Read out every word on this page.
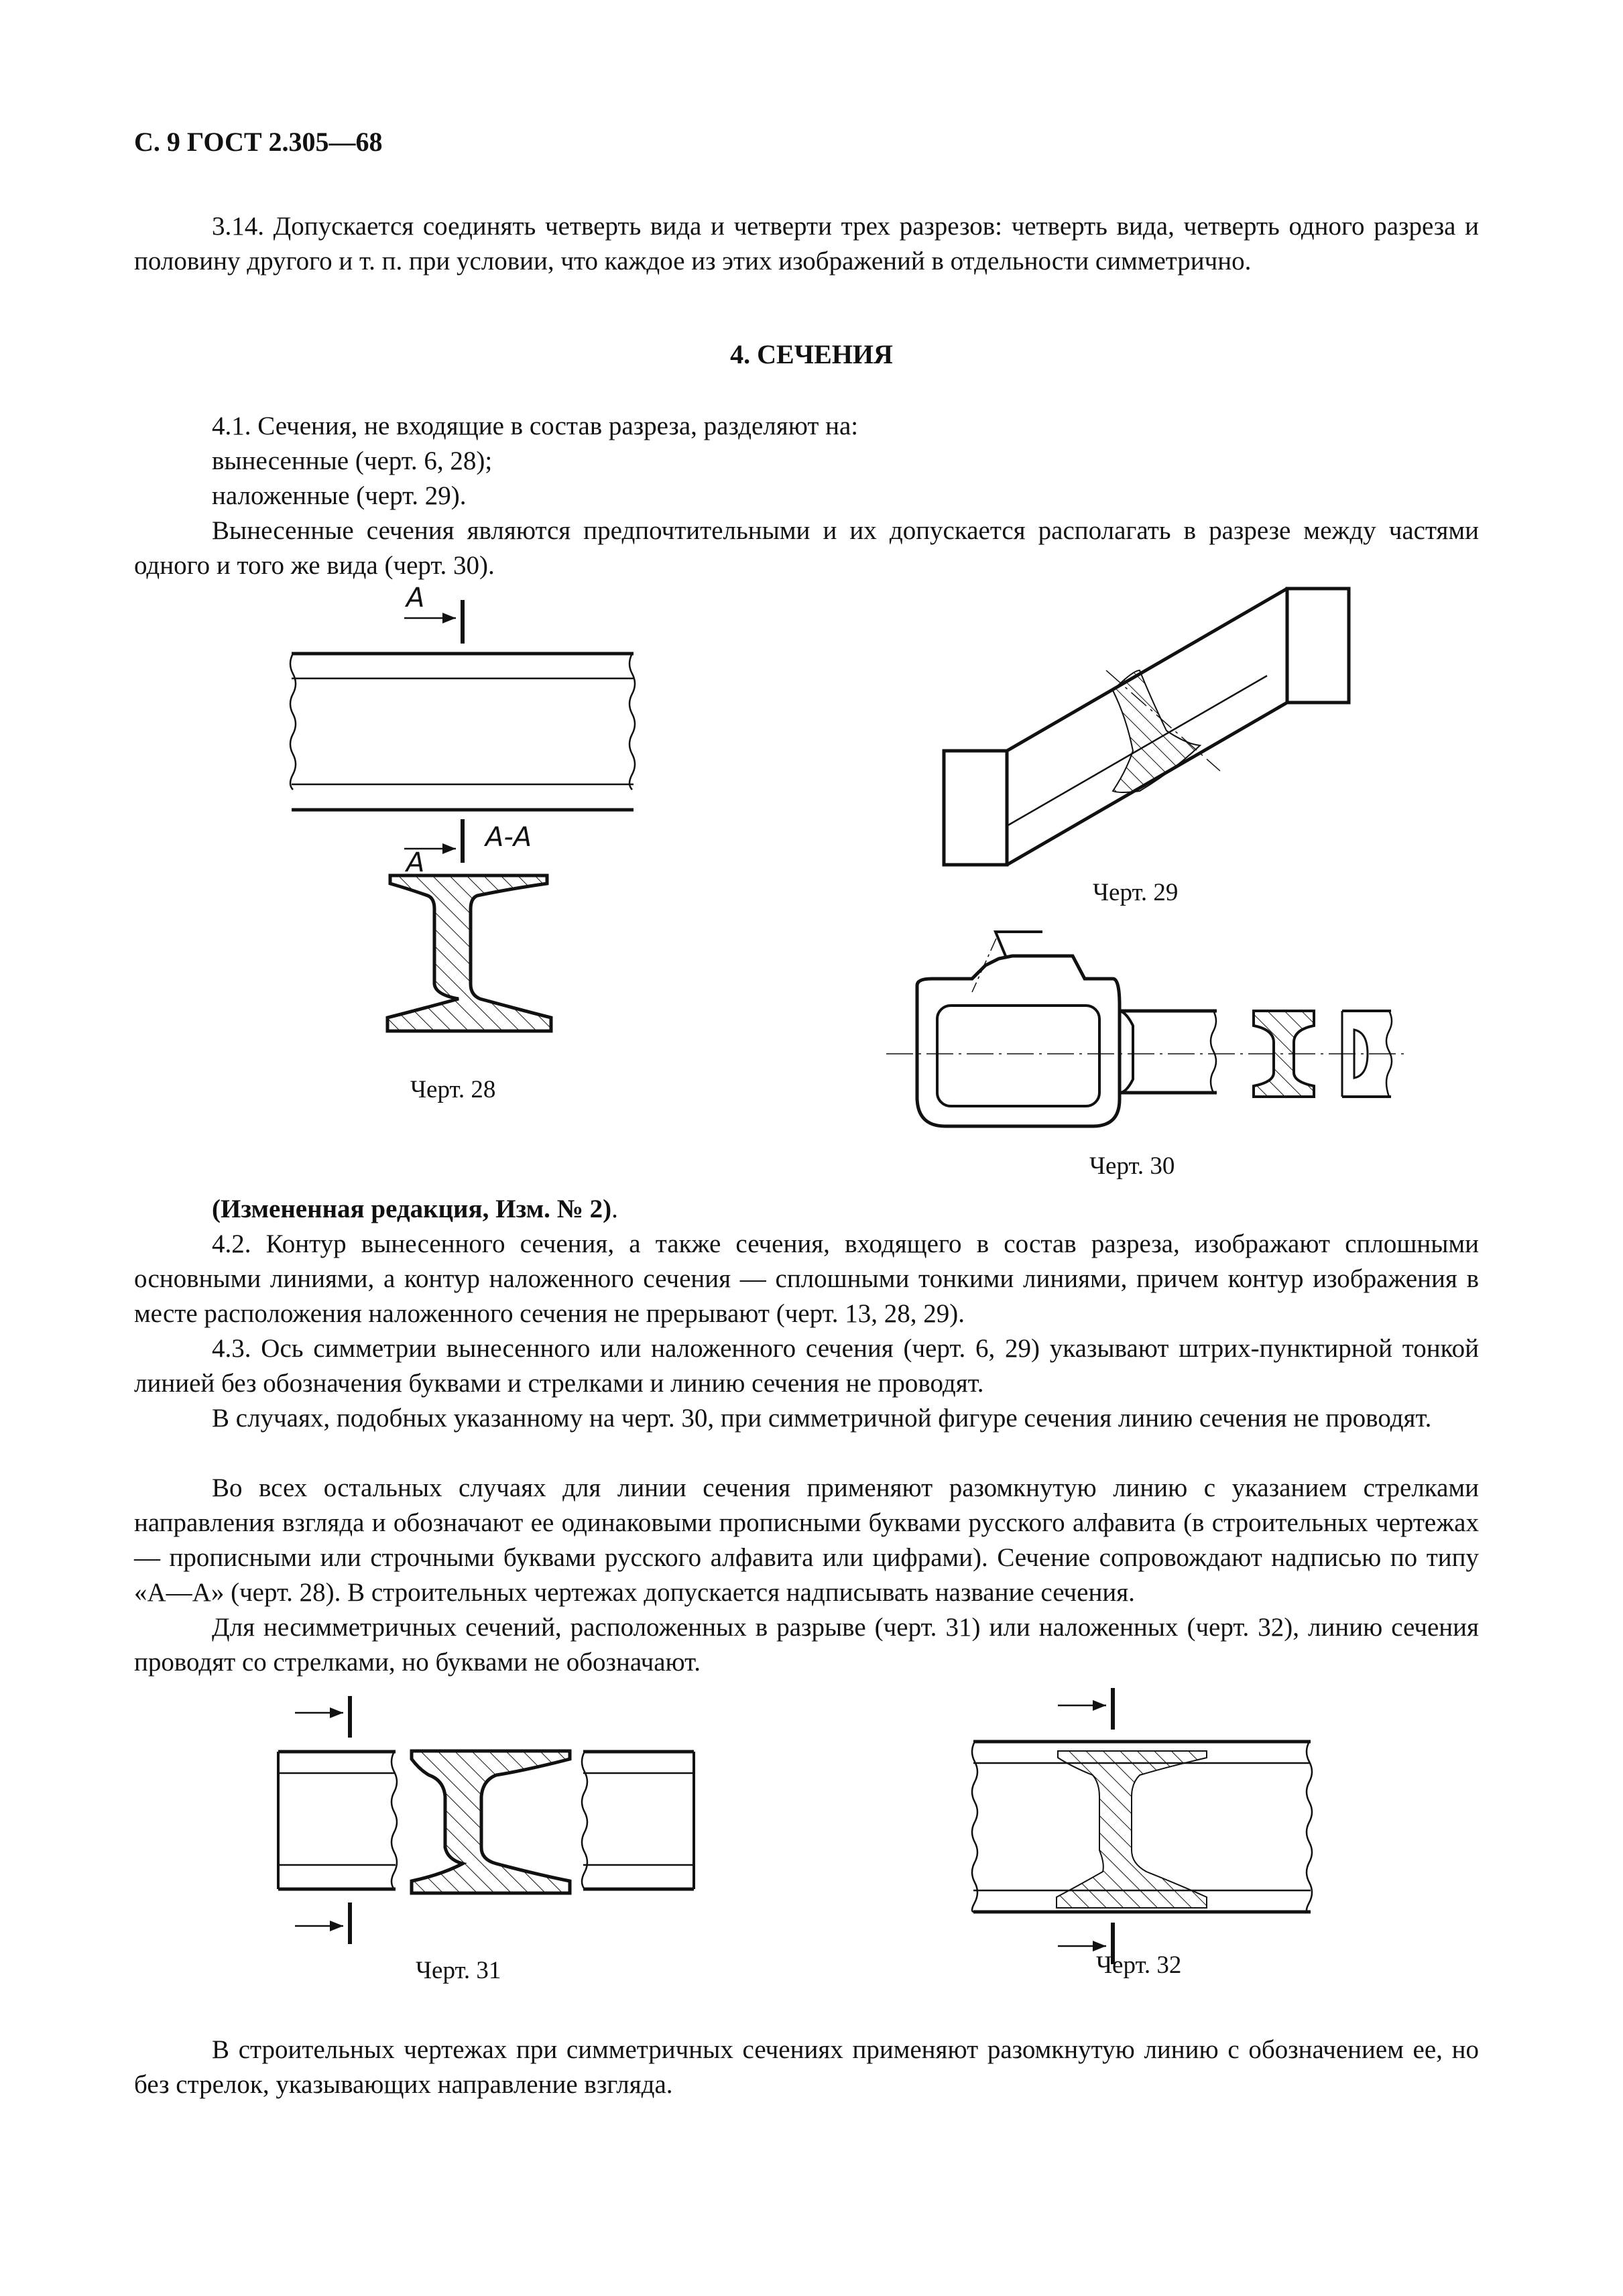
С. 9 ГОСТ 2.305—68

3.14. Допускается соединять четверть вида и четверти трех разрезов: четверть вида, четверть одного разреза и половину другого и т. п. при условии, что каждое из этих изображений в отдельности симметрично.

4. СЕЧЕНИЯ

4.1. Сечения, не входящие в состав разреза, разделяют на:

вынесенные (черт. 6, 28);

наложенные (черт. 29).

Вынесенные сечения являются предпочтительными и их допускается располагать в разрезе между частями одного и того же вида (черт. 30).

А
А-А
А
Черт. 28
Черт. 29
Черт. 30
Черт. 31	Черт. 32

(Измененная редакция, Изм. № 2).

4.2. Контур вынесенного сечения, а также сечения, входящего в состав разреза, изображают сплошными основными линиями, а контур наложенного сечения — сплошными тонкими линиями, причем контур изображения в месте расположения наложенного сечения не прерывают (черт. 13, 28, 29).

4.3. Ось симметрии вынесенного или наложенного сечения (черт. 6, 29) указывают штрих-пунктирной тонкой линией без обозначения буквами и стрелками и линию сечения не проводят.

В случаях, подобных указанному на черт. 30, при симметричной фигуре сечения линию сечения не проводят.

Во всех остальных случаях для линии сечения применяют разомкнутую линию с указанием стрелками направления взгляда и обозначают ее одинаковыми прописными буквами русского алфавита (в строительных чертежах — прописными или строчными буквами русского алфавита или цифрами). Сечение сопровождают надписью по типу «А—А» (черт. 28). В строительных чертежах допускается надписывать название сечения.

Для несимметричных сечений, расположенных в разрыве (черт. 31) или наложенных (черт. 32), линию сечения проводят со стрелками, но буквами не обозначают.

В строительных чертежах при симметричных сечениях применяют разомкнутую линию с обозначением ее, но без стрелок, указывающих направление взгляда.
